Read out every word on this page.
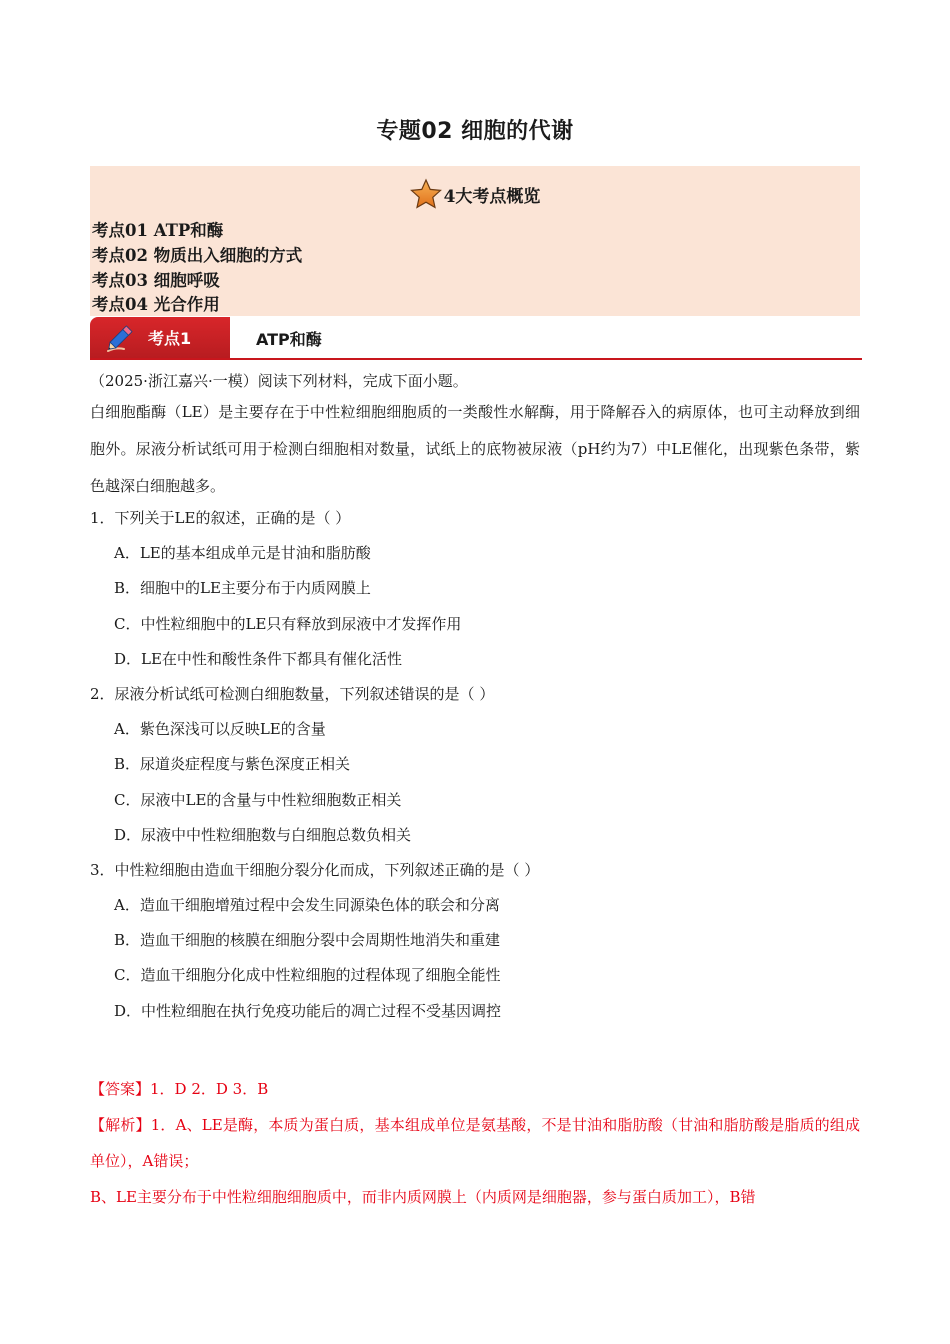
专题02 细胞的代谢
4大考点概览
考点01 ATP和酶
考点02 物质出入细胞的方式
考点03 细胞呼吸
考点04 光合作用
考点1	ATP和酶
（2025·浙江嘉兴·一模）阅读下列材料，完成下面小题。
白细胞酯酶（LE）是主要存在于中性粒细胞细胞质的一类酸性水解酶，用于降解吞入的病原体，也可主动释放到细胞外。尿液分析试纸可用于检测白细胞相对数量，试纸上的底物被尿液（pH约为7）中LE催化，出现紫色条带，紫色越深白细胞越多。
1．下列关于LE的叙述，正确的是（ ）
A．LE的基本组成单元是甘油和脂肪酸
B．细胞中的LE主要分布于内质网膜上
C．中性粒细胞中的LE只有释放到尿液中才发挥作用
D．LE在中性和酸性条件下都具有催化活性
2．尿液分析试纸可检测白细胞数量，下列叙述错误的是（ ）
A．紫色深浅可以反映LE的含量
B．尿道炎症程度与紫色深度正相关
C．尿液中LE的含量与中性粒细胞数正相关
D．尿液中中性粒细胞数与白细胞总数负相关
3．中性粒细胞由造血干细胞分裂分化而成，下列叙述正确的是（ ）
A．造血干细胞增殖过程中会发生同源染色体的联会和分离
B．造血干细胞的核膜在细胞分裂中会周期性地消失和重建
C．造血干细胞分化成中性粒细胞的过程体现了细胞全能性
D．中性粒细胞在执行免疫功能后的凋亡过程不受基因调控
【答案】1．D 2．D 3．B
【解析】1．A、LE是酶，本质为蛋白质，基本组成单位是氨基酸，不是甘油和脂肪酸（甘油和脂肪酸是脂质的组成单位），A错误；
B、LE主要分布于中性粒细胞细胞质中，而非内质网膜上（内质网是细胞器，参与蛋白质加工），B错
